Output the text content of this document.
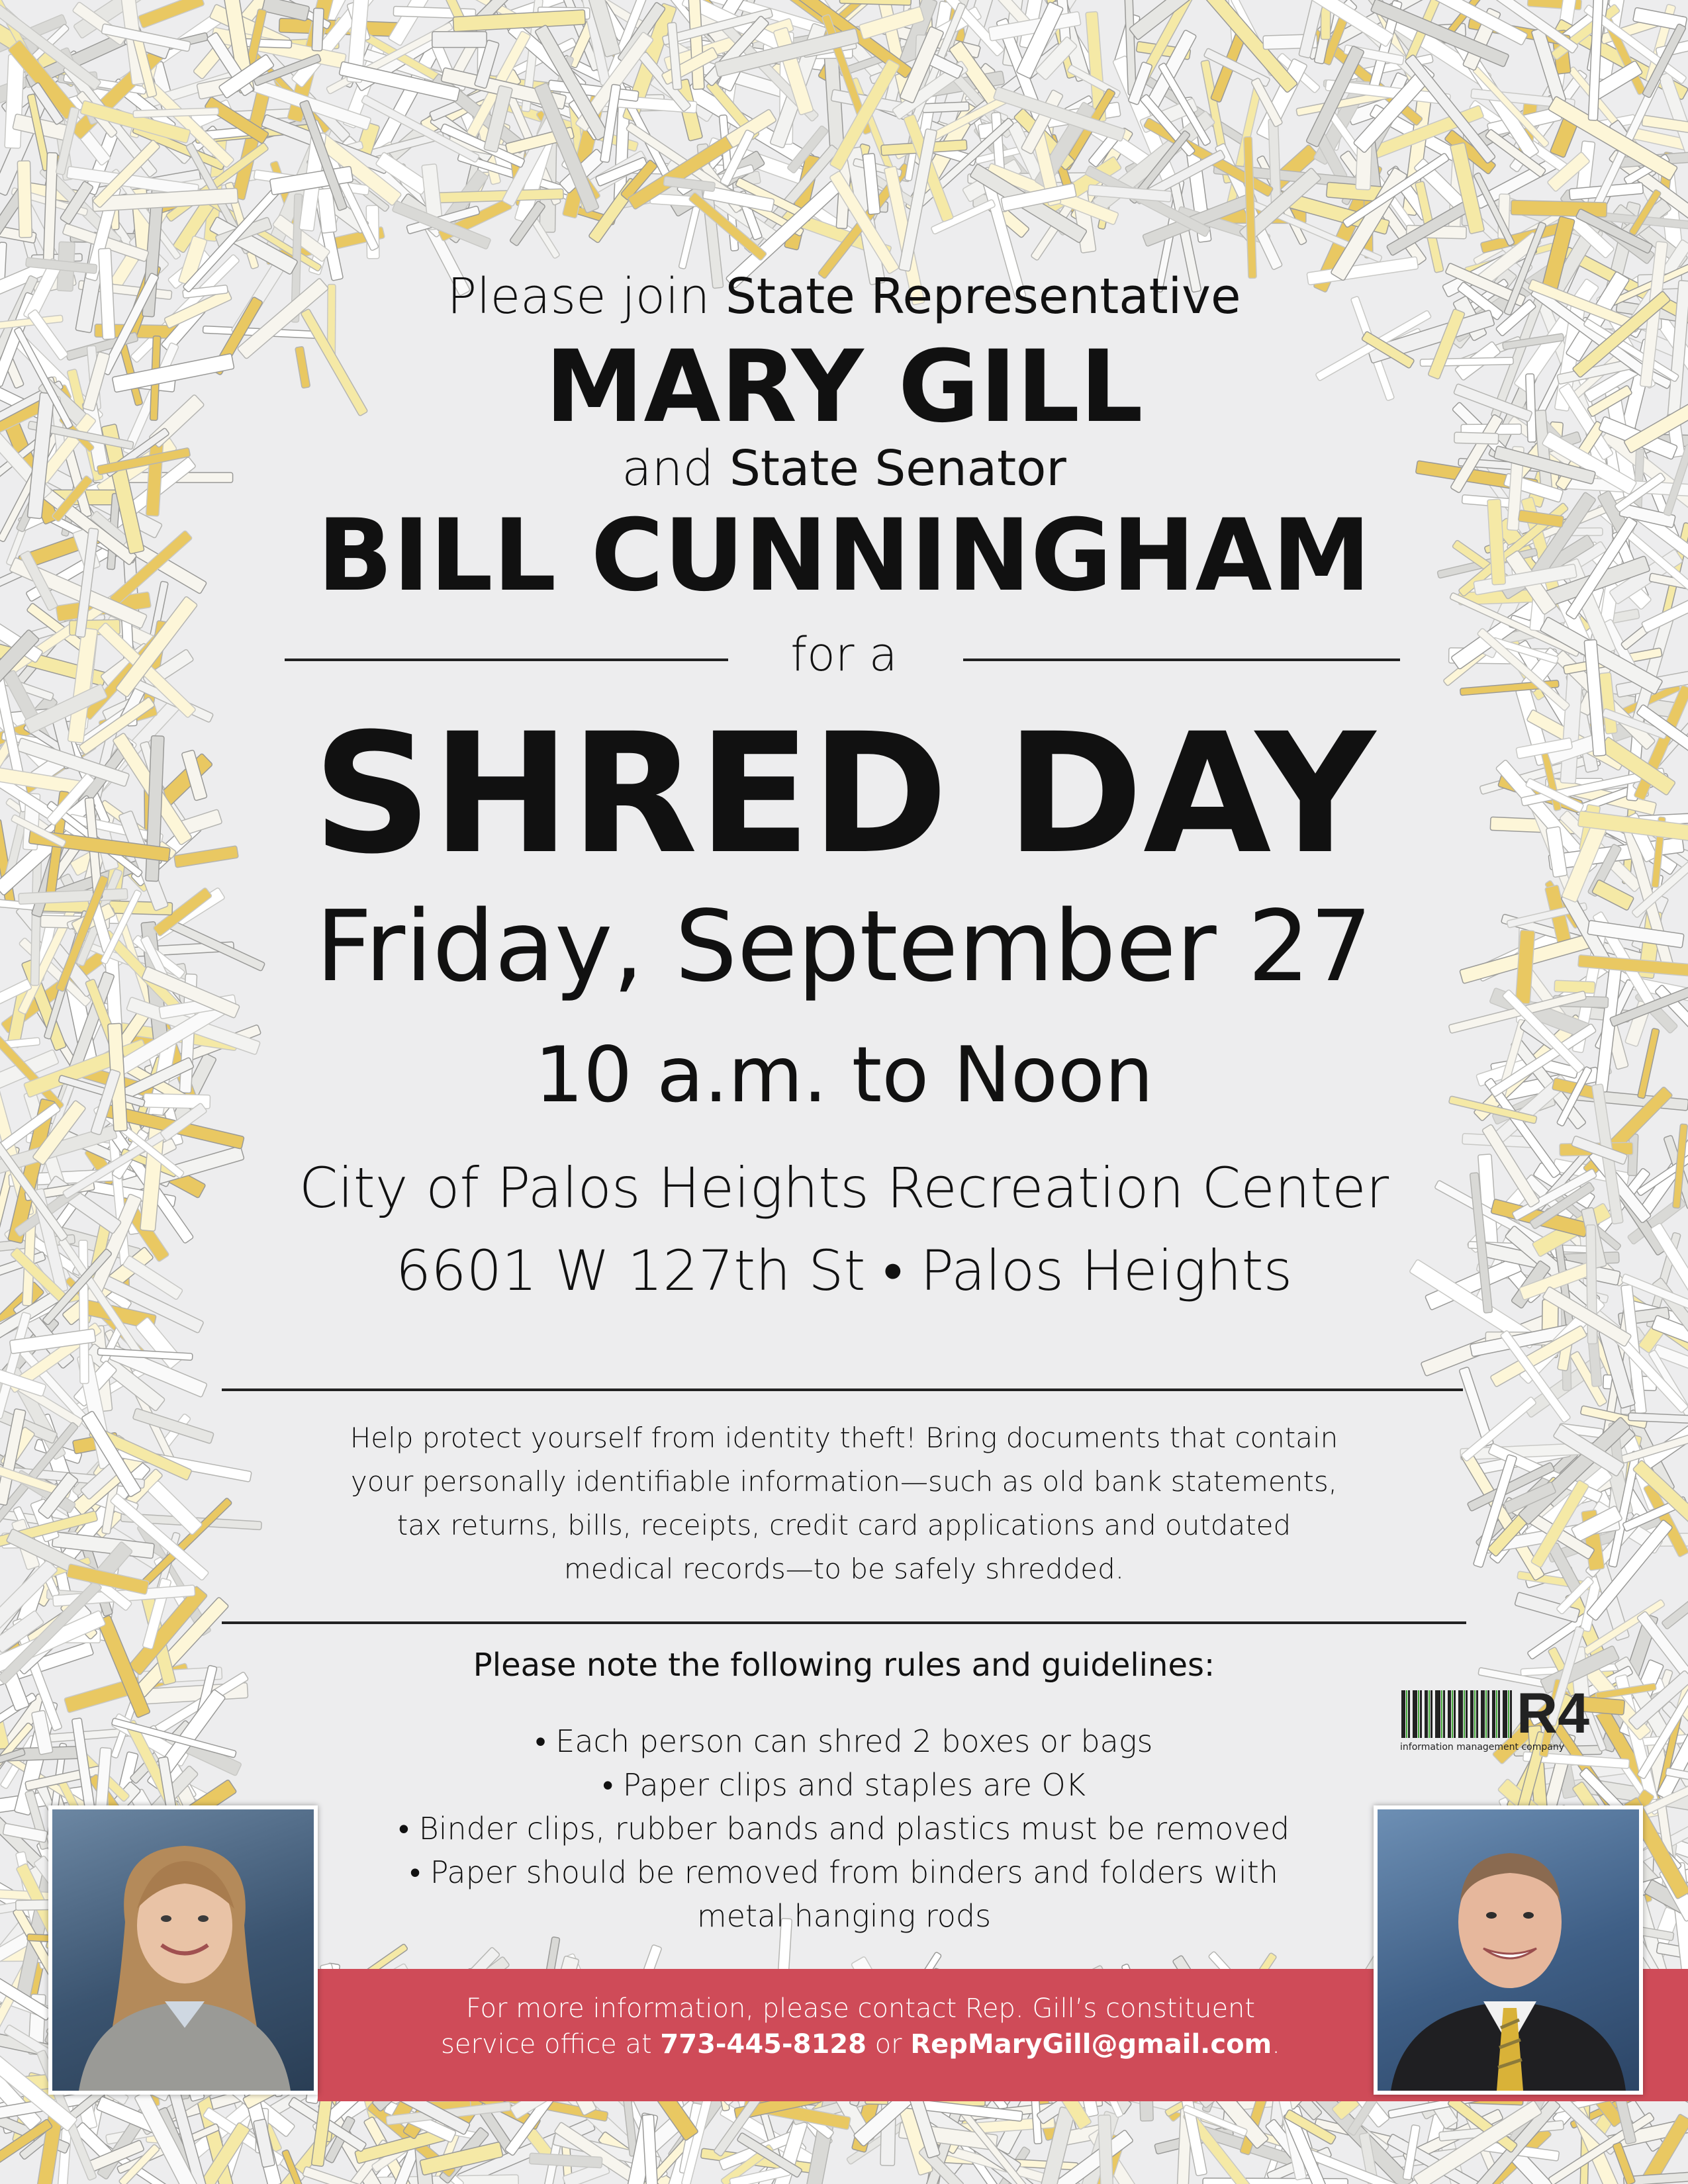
Please join State Representative
MARY GILL
and State Senator
BILL CUNNINGHAM
for a
SHRED DAY
Friday, September 27
10 a.m. to Noon
City of Palos Heights Recreation Center
6601 W 127th St • Palos Heights
Help protect yourself from identity theft! Bring documents that contain
your personally identifiable information—such as old bank statements,
tax returns, bills, receipts, credit card applications and outdated
medical records—to be safely shredded.
Please note the following rules and guidelines:
• Each person can shred 2 boxes or bags
• Paper clips and staples are OK
• Binder clips, rubber bands and plastics must be removed
• Paper should be removed from binders and folders with
metal hanging rods
R4
information management company
For more information, please contact Rep. Gill’s constituent
service office at 773-445-8128 or RepMaryGill@gmail.com.
